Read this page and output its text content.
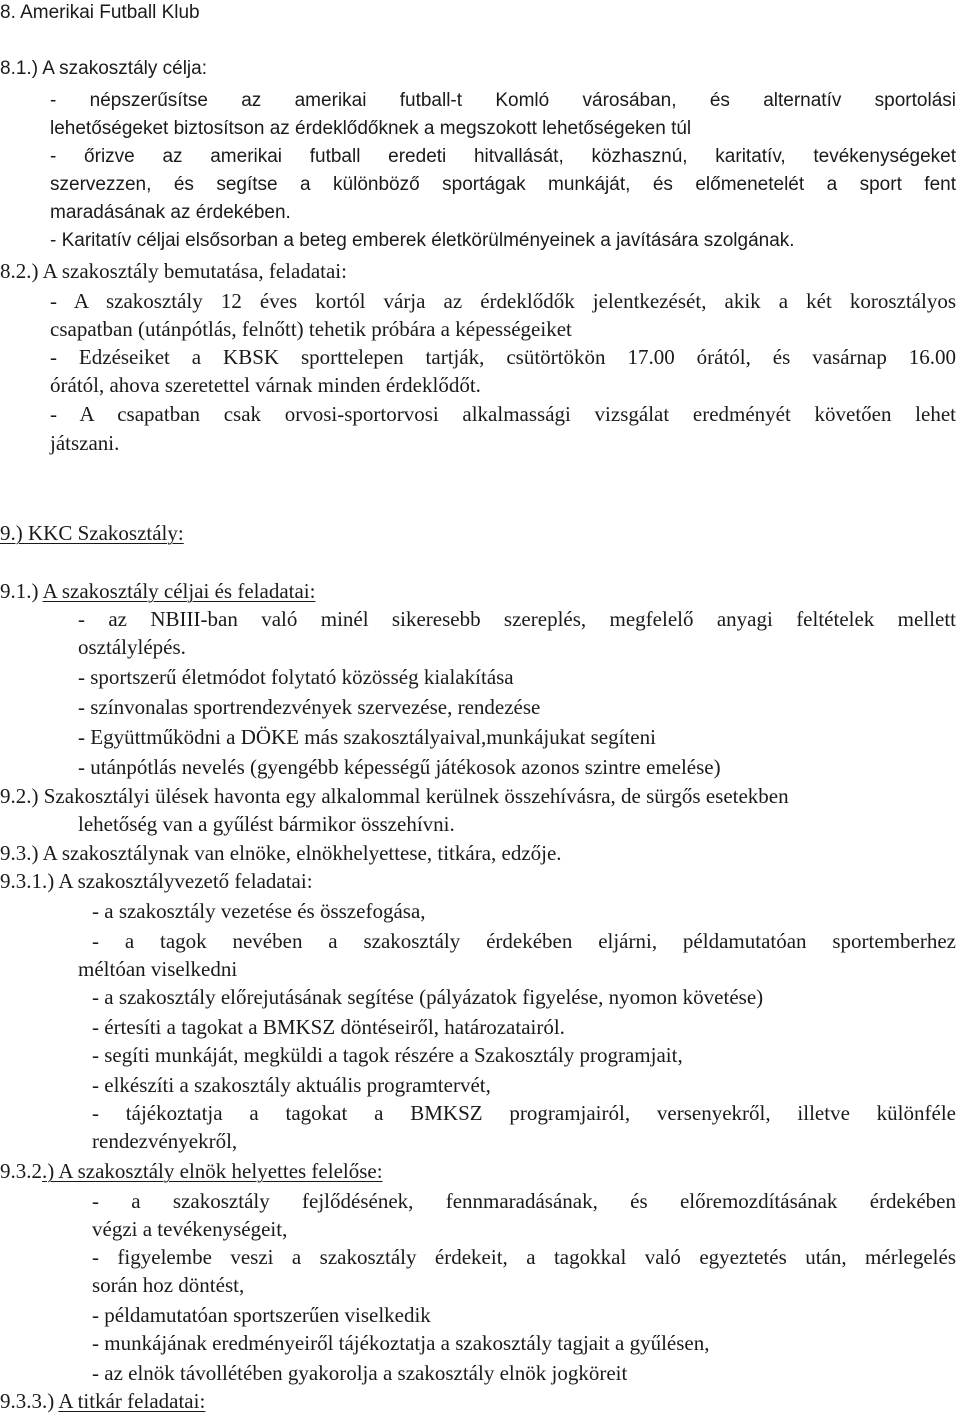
8. Amerikai Futball Klub
8.1.) A szakosztály célja:
- népszerűsítse az amerikai futball-t Komló városában, és alternatív sportolási
lehetőségeket biztosítson az érdeklődőknek a megszokott lehetőségeken túl
- őrizve az amerikai futball eredeti hitvallását, közhasznú, karitatív, tevékenységeket
szervezzen, és segítse a különböző sportágak munkáját, és előmenetelét a sport fent
maradásának az érdekében.
- Karitatív céljai elsősorban a beteg emberek életkörülményeinek a javítására szolgának.
8.2.) A szakosztály bemutatása, feladatai:
- A szakosztály 12 éves kortól várja az érdeklődők jelentkezését, akik a két korosztályos
csapatban (utánpótlás, felnőtt) tehetik próbára a képességeiket
- Edzéseiket a KBSK sporttelepen tartják, csütörtökön 17.00 órától, és vasárnap 16.00
órától, ahova szeretettel várnak minden érdeklődőt.
- A csapatban csak orvosi-sportorvosi alkalmassági vizsgálat eredményét követően lehet
játszani.
9.) KKC Szakosztály:
9.1.) A szakosztály céljai és feladatai:
- az NBIII-ban való minél sikeresebb szereplés, megfelelő anyagi feltételek mellett
osztálylépés.
- sportszerű életmódot folytató közösség kialakítása
- színvonalas sportrendezvények szervezése, rendezése
- Együttműködni a DÖKE más szakosztályaival,munkájukat segíteni
- utánpótlás nevelés (gyengébb képességű játékosok azonos szintre emelése)
9.2.) Szakosztályi ülések havonta egy alkalommal kerülnek összehívásra, de sürgős esetekben
lehetőség van a gyűlést bármikor összehívni.
9.3.) A szakosztálynak van elnöke, elnökhelyettese, titkára, edzője.
9.3.1.) A szakosztályvezető feladatai:
- a szakosztály vezetése és összefogása,
- a tagok nevében a szakosztály érdekében eljárni, példamutatóan sportemberhez
méltóan viselkedni
- a szakosztály előrejutásának segítése (pályázatok figyelése, nyomon követése)
- értesíti a tagokat a BMKSZ döntéseiről, határozatairól.
- segíti munkáját, megküldi a tagok részére a Szakosztály programjait,
- elkészíti a szakosztály aktuális programtervét,
- tájékoztatja a tagokat a BMKSZ programjairól, versenyekről, illetve különféle
rendezvényekről,
9.3.2.) A szakosztály elnök helyettes felelőse:
- a szakosztály fejlődésének, fennmaradásának, és előremozdításának érdekében
végzi a tevékenységeit,
- figyelembe veszi a szakosztály érdekeit, a tagokkal való egyeztetés után, mérlegelés
során hoz döntést,
- példamutatóan sportszerűen viselkedik
- munkájának eredményeiről tájékoztatja a szakosztály tagjait a gyűlésen,
- az elnök távollétében gyakorolja a szakosztály elnök jogköreit
9.3.3.) A titkár feladatai:
